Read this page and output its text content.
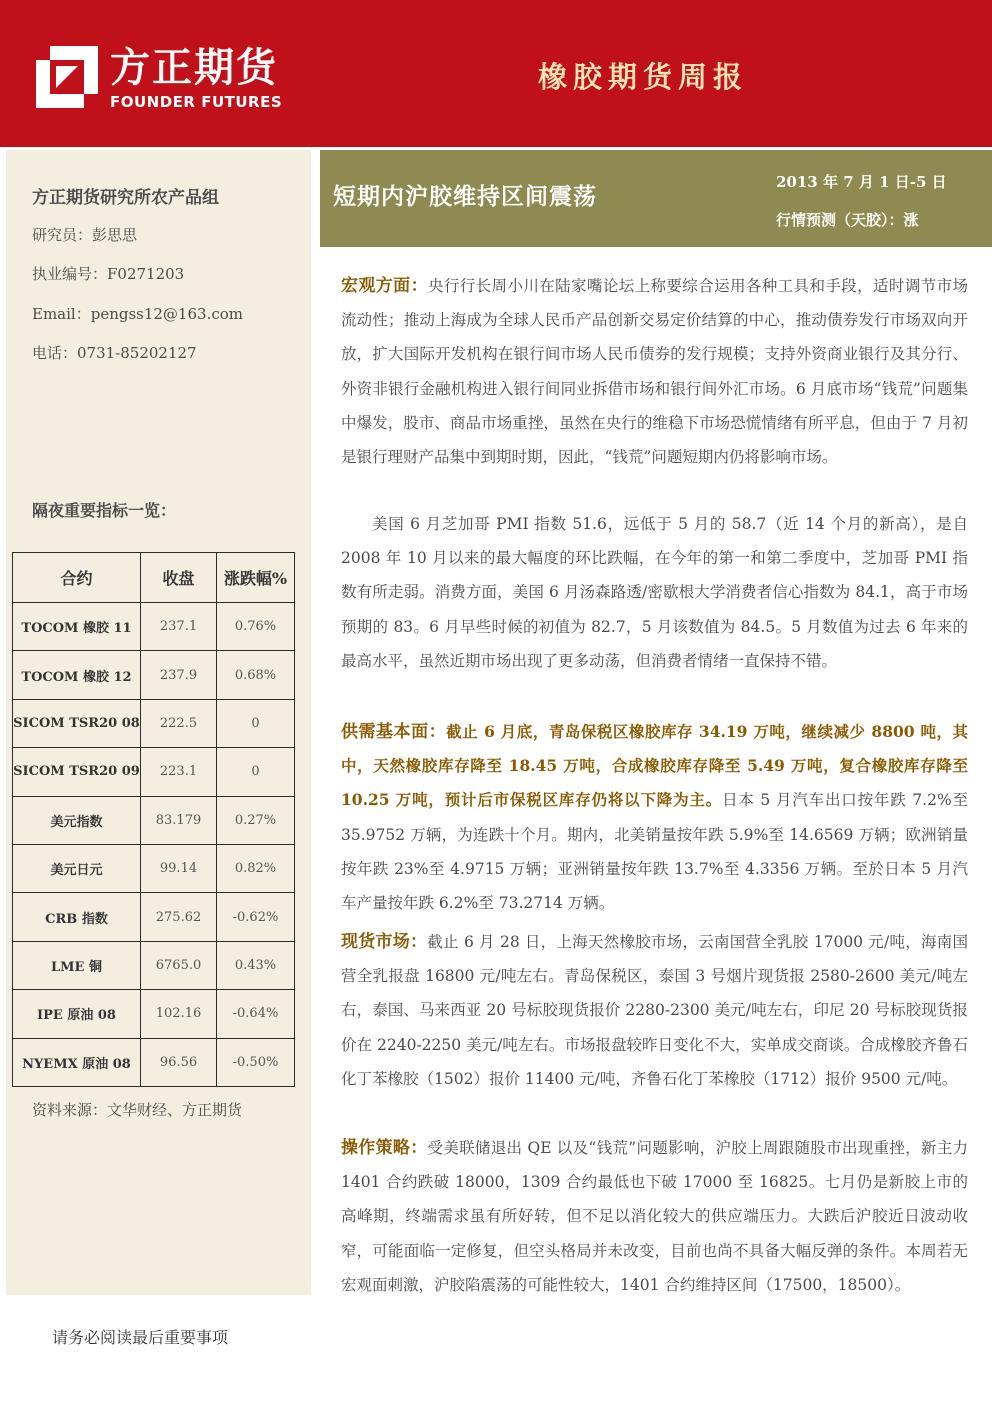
方正期货
FOUNDER FUTURES
橡胶期货周报
方正期货研究所农产品组
研究员：彭思思
执业编号：F0271203
Email：pengss12@163.com
电话：0731-85202127
隔夜重要指标一览：
合约	收盘	涨跌幅%
TOCOM 橡胶 11	237.1	0.76%
TOCOM 橡胶 12	237.9	0.68%
SICOM TSR20 08	222.5	0
SICOM TSR20 09	223.1	0
美元指数	83.179	0.27%
美元日元	99.14	0.82%
CRB 指数	275.62	-0.62%
LME 铜	6765.0	0.43%
IPE 原油 08	102.16	-0.64%
NYEMX 原油 08	96.56	-0.50%
资料来源：文华财经、方正期货
短期内沪胶维持区间震荡
2013 年 7 月 1 日-5 日
行情预测（天胶）：涨
宏观方面：央行行长周小川在陆家嘴论坛上称要综合运用各种工具和手段，适时调节市场流动性；推动上海成为全球人民币产品创新交易定价结算的中心，推动债券发行市场双向开放，扩大国际开发机构在银行间市场人民币债券的发行规模；支持外资商业银行及其分行、外资非银行金融机构进入银行间同业拆借市场和银行间外汇市场。6 月底市场“钱荒”问题集中爆发，股市、商品市场重挫，虽然在央行的维稳下市场恐慌情绪有所平息，但由于 7 月初是银行理财产品集中到期时期，因此，“钱荒”问题短期内仍将影响市场。
美国 6 月芝加哥 PMI 指数 51.6，远低于 5 月的 58.7（近 14 个月的新高），是自 2008 年 10 月以来的最大幅度的环比跌幅，在今年的第一和第二季度中，芝加哥 PMI 指数有所走弱。消费方面，美国 6 月汤森路透/密歇根大学消费者信心指数为 84.1，高于市场预期的 83。6 月早些时候的初值为 82.7，5 月该数值为 84.5。5 月数值为过去 6 年来的最高水平，虽然近期市场出现了更多动荡，但消费者情绪一直保持不错。
供需基本面：截止 6 月底，青岛保税区橡胶库存 34.19 万吨，继续减少 8800 吨，其中，天然橡胶库存降至 18.45 万吨，合成橡胶库存降至 5.49 万吨，复合橡胶库存降至 10.25 万吨，预计后市保税区库存仍将以下降为主。日本 5 月汽车出口按年跌 7.2%至 35.9752 万辆，为连跌十个月。期内，北美销量按年跌 5.9%至 14.6569 万辆；欧洲销量按年跌 23%至 4.9715 万辆；亚洲销量按年跌 13.7%至 4.3356 万辆。至於日本 5 月汽车产量按年跌 6.2%至 73.2714 万辆。
现货市场：截止 6 月 28 日，上海天然橡胶市场，云南国营全乳胶 17000 元/吨，海南国营全乳报盘 16800 元/吨左右。青岛保税区，泰国 3 号烟片现货报 2580-2600 美元/吨左右，泰国、马来西亚 20 号标胶现货报价 2280-2300 美元/吨左右，印尼 20 号标胶现货报价在 2240-2250 美元/吨左右。市场报盘较昨日变化不大，实单成交商谈。合成橡胶齐鲁石化丁苯橡胶（1502）报价 11400 元/吨，齐鲁石化丁苯橡胶（1712）报价 9500 元/吨。
操作策略：受美联储退出 QE 以及“钱荒”问题影响，沪胶上周跟随股市出现重挫，新主力 1401 合约跌破 18000，1309 合约最低也下破 17000 至 16825。七月仍是新胶上市的高峰期，终端需求虽有所好转，但不足以消化较大的供应端压力。大跌后沪胶近日波动收窄，可能面临一定修复，但空头格局并未改变，目前也尚不具备大幅反弹的条件。本周若无宏观面刺激，沪胶陷震荡的可能性较大，1401 合约维持区间（17500，18500）。
请务必阅读最后重要事项
